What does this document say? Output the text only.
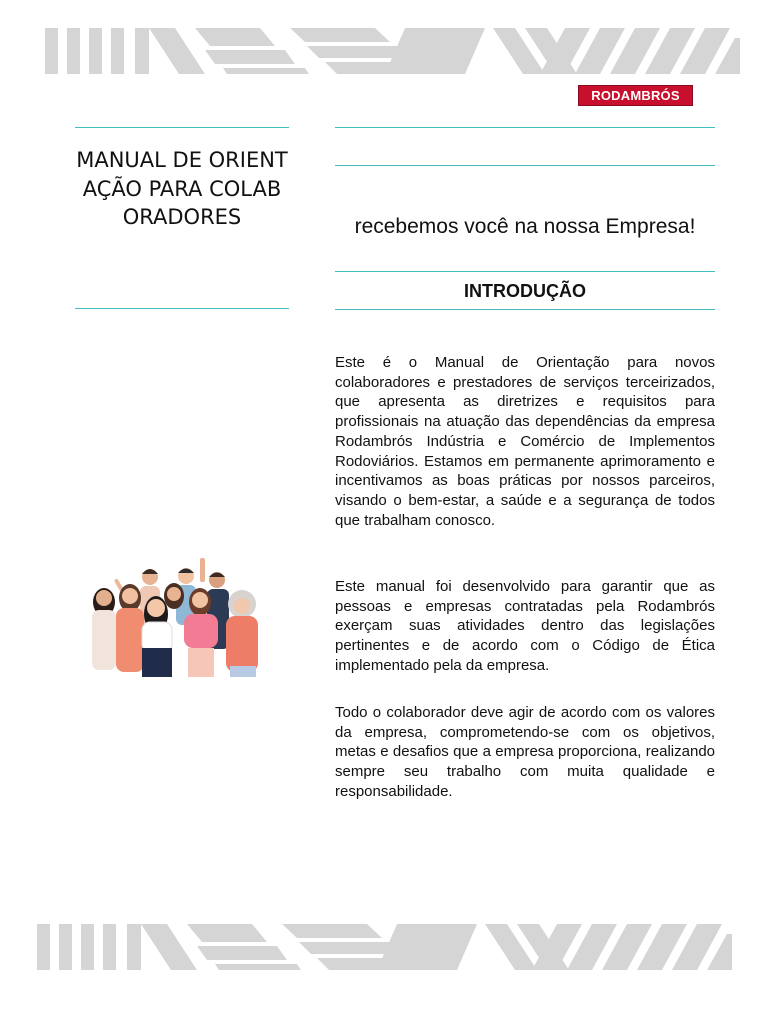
RODAMBRÓS
MANUAL DE ORIENTAÇÃO PARA COLABORADORES	recebemos você na nossa Empresa!
INTRODUÇÃO

Este é o Manual de Orientação para novos colaboradores e prestadores de serviços terceirizados, que apresenta as diretrizes e requisitos para profissionais na atuação das dependências da empresa Rodambrós Indústria e Comércio de Implementos Rodoviários. Estamos em permanente aprimoramento e incentivamos as boas práticas por nossos parceiros, visando o bem-estar, a saúde e a segurança de todos que trabalham conosco.

Este manual foi desenvolvido para garantir que as pessoas e empresas contratadas pela Rodambrós exerçam suas atividades dentro das legislações pertinentes e de acordo com o Código de Ética implementado pela da empresa.

Todo o colaborador deve agir de acordo com os valores da empresa, comprometendo-se com os objetivos, metas e desafios que a empresa proporciona, realizando sempre seu trabalho com muita qualidade e responsabilidade.
